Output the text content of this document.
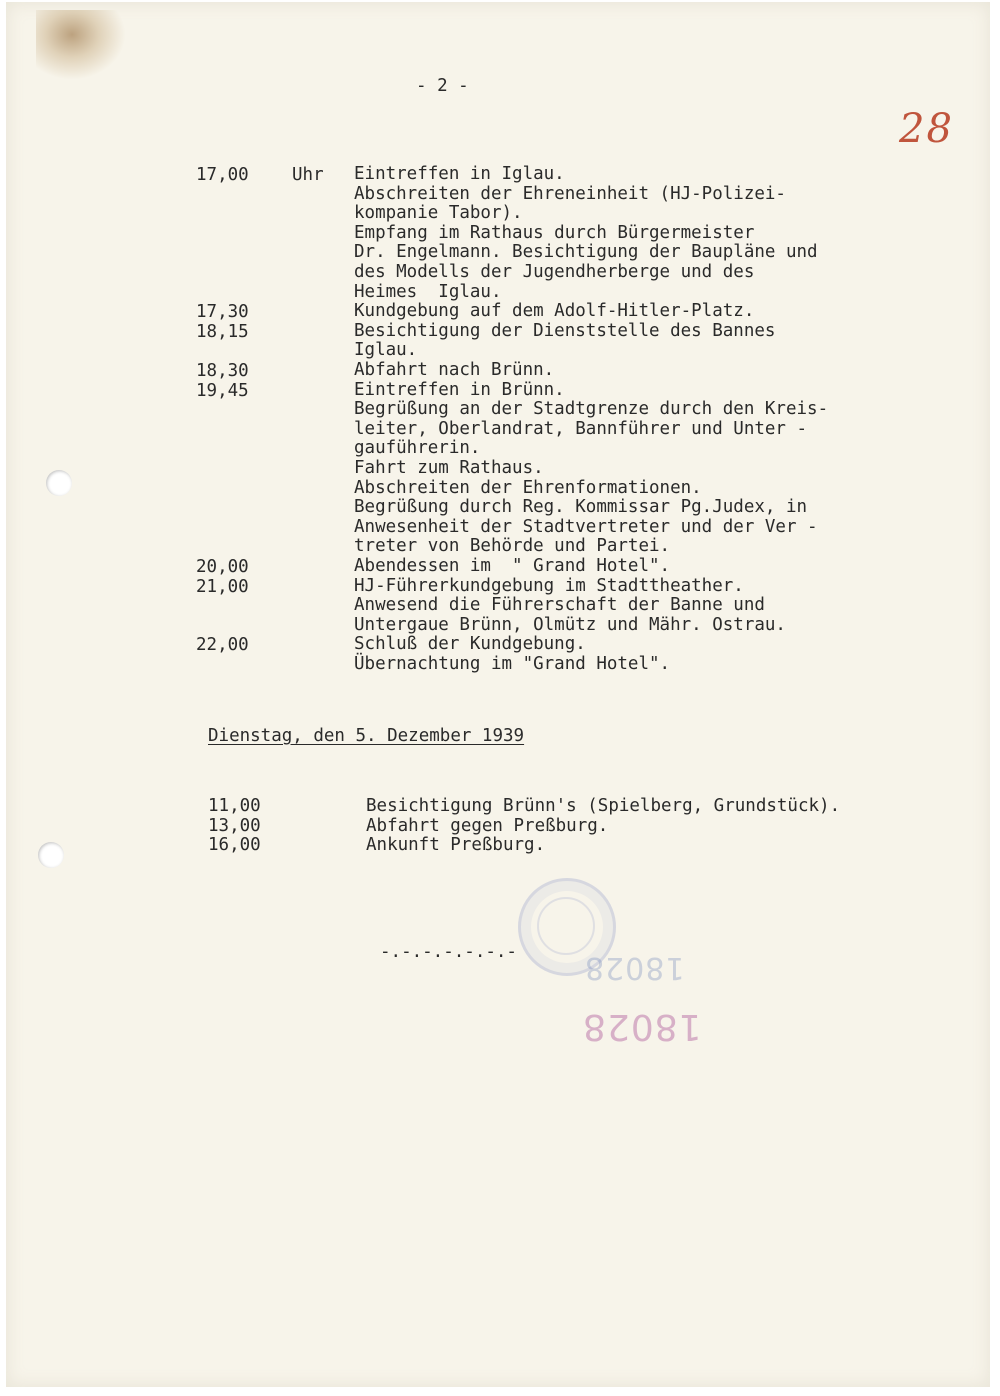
- 2 -
28
17,00	Uhr Eintreffen in Iglau.
Abschreiten der Ehreneinheit (HJ-Polizei-
kompanie Tabor).
Empfang im Rathaus durch Bürgermeister
Dr. Engelmann. Besichtigung der Baupläne und
des Modells der Jugendherberge und des
Heimes  Iglau.
17,30	Kundgebung auf dem Adolf-Hitler-Platz.
18,15	Besichtigung der Dienststelle des Bannes
Iglau.
18,30	Abfahrt nach Brünn.
19,45	Eintreffen in Brünn.
Begrüßung an der Stadtgrenze durch den Kreis-
leiter, Oberlandrat, Bannführer und Unter -
gauführerin.
Fahrt zum Rathaus.
Abschreiten der Ehrenformationen.
Begrüßung durch Reg. Kommissar Pg.Judex, in
Anwesenheit der Stadtvertreter und der Ver -
treter von Behörde und Partei.
20,00	Abendessen im  " Grand Hotel".
21,00	HJ-Führerkundgebung im Stadttheather.
Anwesend die Führerschaft der Banne und
Untergaue Brünn, Olmütz und Mähr. Ostrau.
22,00	Schluß der Kundgebung.
Übernachtung im "Grand Hotel".
Dienstag, den 5. Dezember 1939
11,00	Besichtigung Brünn's (Spielberg, Grundstück).
13,00	Abfahrt gegen Preßburg.
16,00	Ankunft Preßburg.
-.-.-.-.-.-.- 18028
18028
